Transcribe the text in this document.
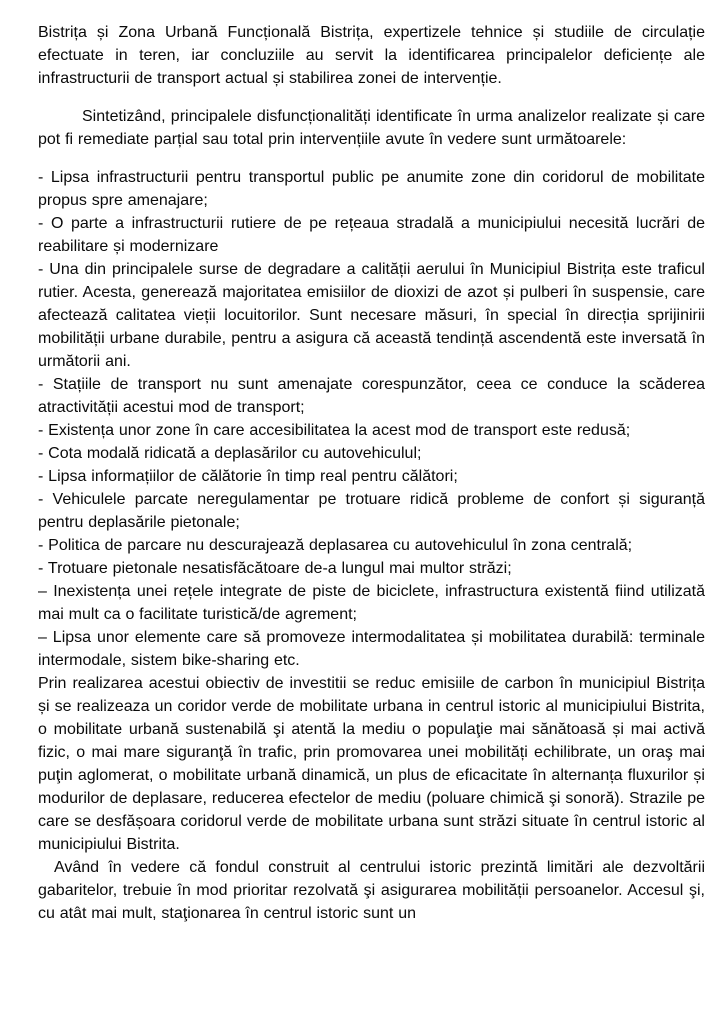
Bistrița și Zona Urbană Funcțională Bistrița, expertizele tehnice și studiile de circulație efectuate in teren, iar concluziile au servit la identificarea principalelor deficiențe ale infrastructurii de transport actual și stabilirea zonei de intervenție.

Sintetizând, principalele disfuncționalități identificate în urma analizelor realizate și care pot fi remediate parțial sau total prin intervențiile avute în vedere sunt următoarele:

- Lipsa infrastructurii pentru transportul public pe anumite zone din coridorul de mobilitate propus spre amenajare;

- O parte a infrastructurii rutiere de pe rețeaua stradală a municipiului necesită lucrări de reabilitare și modernizare

- Una din principalele surse de degradare a calității aerului în Municipiul Bistrița este traficul rutier. Acesta, generează majoritatea emisiilor de dioxizi de azot și pulberi în suspensie, care afectează calitatea vieții locuitorilor. Sunt necesare măsuri, în special în direcția sprijinirii mobilității urbane durabile, pentru a asigura că această tendință ascendentă este inversată în următorii ani.

- Stațiile de transport nu sunt amenajate corespunzător, ceea ce conduce la scăderea atractivității acestui mod de transport;

- Existența unor zone în care accesibilitatea la acest mod de transport este redusă;

- Cota modală ridicată a deplasărilor cu autovehiculul;

- Lipsa informațiilor de călătorie în timp real pentru călători;

- Vehiculele parcate neregulamentar pe trotuare ridică probleme de confort și siguranță pentru deplasările pietonale;

- Politica de parcare nu descurajează deplasarea cu autovehiculul în zona centrală;

- Trotuare pietonale nesatisfăcătoare de-a lungul mai multor străzi;

– Inexistența unei rețele integrate de piste de biciclete, infrastructura existentă fiind utilizată mai mult ca o facilitate turistică/de agrement;

– Lipsa unor elemente care să promoveze intermodalitatea și mobilitatea durabilă: terminale intermodale, sistem bike-sharing etc.

Prin realizarea acestui obiectiv de investitii se reduc emisiile de carbon în municipiul Bistrița și se realizeaza un coridor verde de mobilitate urbana in centrul istoric al municipiului Bistrita, o mobilitate urbană sustenabilă şi atentă la mediu o populaţie mai sănătoasă și mai activă fizic, o mai mare siguranţă în trafic, prin promovarea unei mobilități echilibrate, un oraş mai puţin aglomerat, o mobilitate urbană dinamică, un plus de eficacitate în alternanța fluxurilor și modurilor de deplasare, reducerea efectelor de mediu (poluare chimică şi sonoră). Strazile pe care se desfășoara coridorul verde de mobilitate urbana sunt străzi situate în centrul istoric al municipiului Bistrita.

Având în vedere că fondul construit al centrului istoric prezintă limitări ale dezvoltării gabaritelor, trebuie în mod prioritar rezolvată şi asigurarea mobilității persoanelor. Accesul şi, cu atât mai mult, staţionarea în centrul istoric sunt un
